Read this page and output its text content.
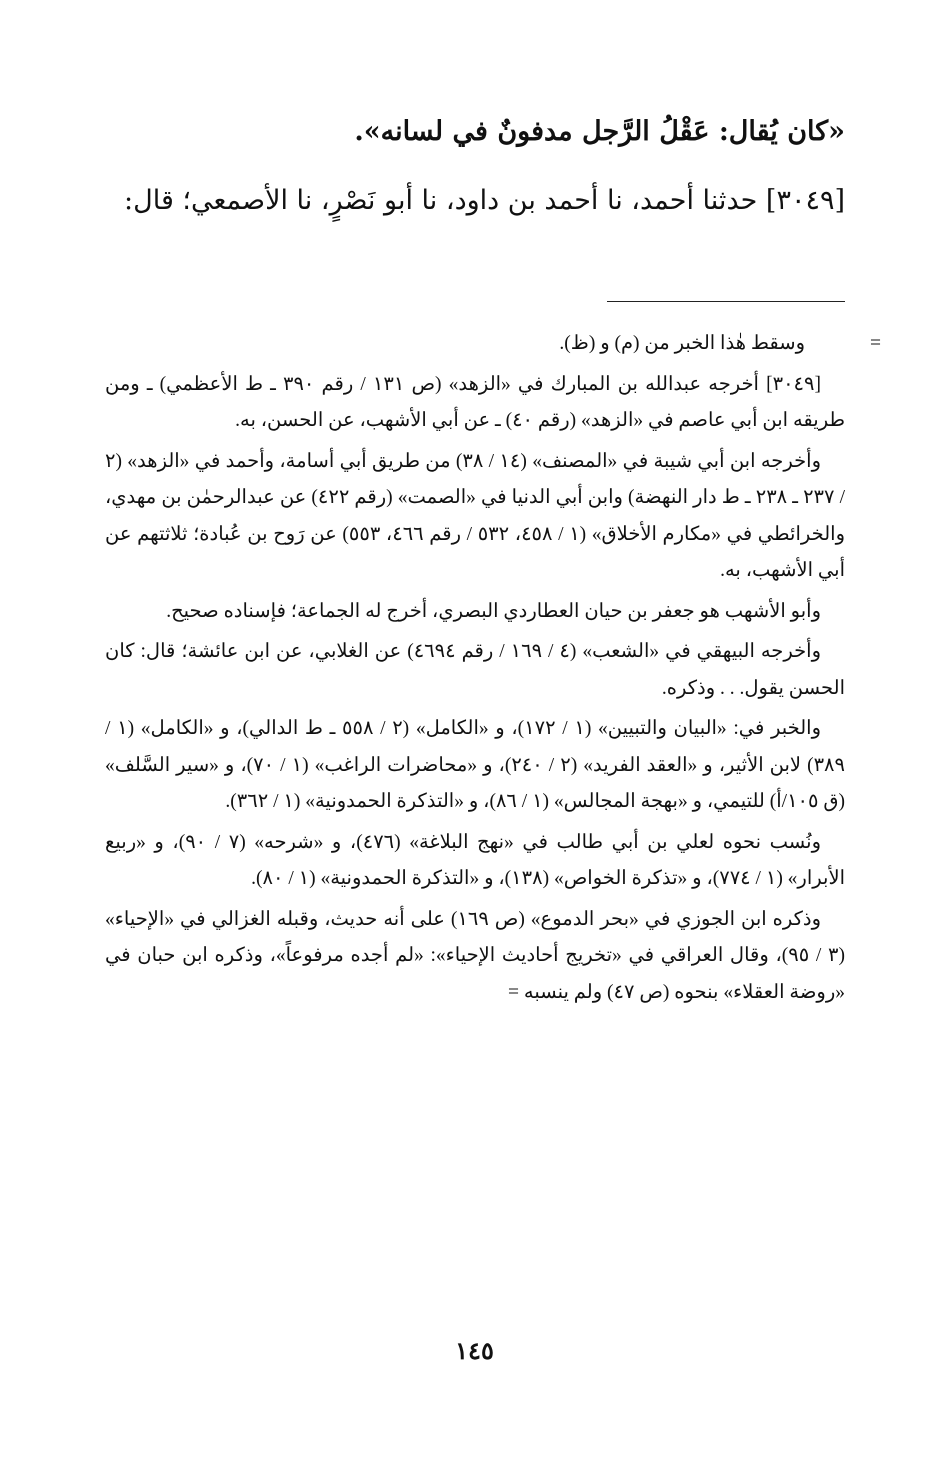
«كان يُقال: عَقْلُ الرَّجل مدفونٌ في لسانه».
[٣٠٤٩] حدثنا أحمد، نا أحمد بن داود، نا أبو نَصْرٍ، نا الأصمعي؛ قال:

=
وسقط هٰذا الخبر من (م) و (ظ).

[٣٠٤٩] أخرجه عبدالله بن المبارك في «الزهد» (ص ١٣١ / رقم ٣٩٠ ـ ط الأعظمي) ـ ومن طريقه ابن أبي عاصم في «الزهد» (رقم ٤٠) ـ عن أبي الأشهب، عن الحسن، به.

وأخرجه ابن أبي شيبة في «المصنف» (١٤ / ٣٨) من طريق أبي أسامة، وأحمد في «الزهد» (٢ / ٢٣٧ ـ ٢٣٨ ـ ط دار النهضة) وابن أبي الدنيا في «الصمت» (رقم ٤٢٢) عن عبدالرحمٰن بن مهدي، والخرائطي في «مكارم الأخلاق» (١ / ٤٥٨، ٥٣٢ / رقم ٤٦٦، ٥٥٣) عن رَوح بن عُبادة؛ ثلاثتهم عن أبي الأشهب، به.

وأبو الأشهب هو جعفر بن حيان العطاردي البصري، أخرج له الجماعة؛ فإسناده صحيح.

وأخرجه البيهقي في «الشعب» (٤ / ١٦٩ / رقم ٤٦٩٤) عن الغلابي، عن ابن عائشة؛ قال: كان الحسن يقول. . . وذكره.

والخبر في: «البيان والتبيين» (١ / ١٧٢)، و «الكامل» (٢ / ٥٥٨ ـ ط الدالي)، و «الكامل» (١ / ٣٨٩) لابن الأثير، و «العقد الفريد» (٢ / ٢٤٠)، و «محاضرات الراغب» (١ / ٧٠)، و «سير السَّلف» (ق ١٠٥/أ) للتيمي، و «بهجة المجالس» (١ / ٨٦)، و «التذكرة الحمدونية» (١ / ٣٦٢).

ونُسب نحوه لعلي بن أبي طالب في «نهج البلاغة» (٤٧٦)، و «شرحه» (٧ / ٩٠)، و «ربيع الأبرار» (١ / ٧٧٤)، و «تذكرة الخواص» (١٣٨)، و «التذكرة الحمدونية» (١ / ٨٠).

وذكره ابن الجوزي في «بحر الدموع» (ص ١٦٩) على أنه حديث، وقبله الغزالي في «الإحياء» (٣ / ٩٥)، وقال العراقي في «تخريج أحاديث الإحياء»: «لم أجده مرفوعاً»، وذكره ابن حبان في «روضة العقلاء» بنحوه (ص ٤٧) ولم ينسبه =

١٤٥
